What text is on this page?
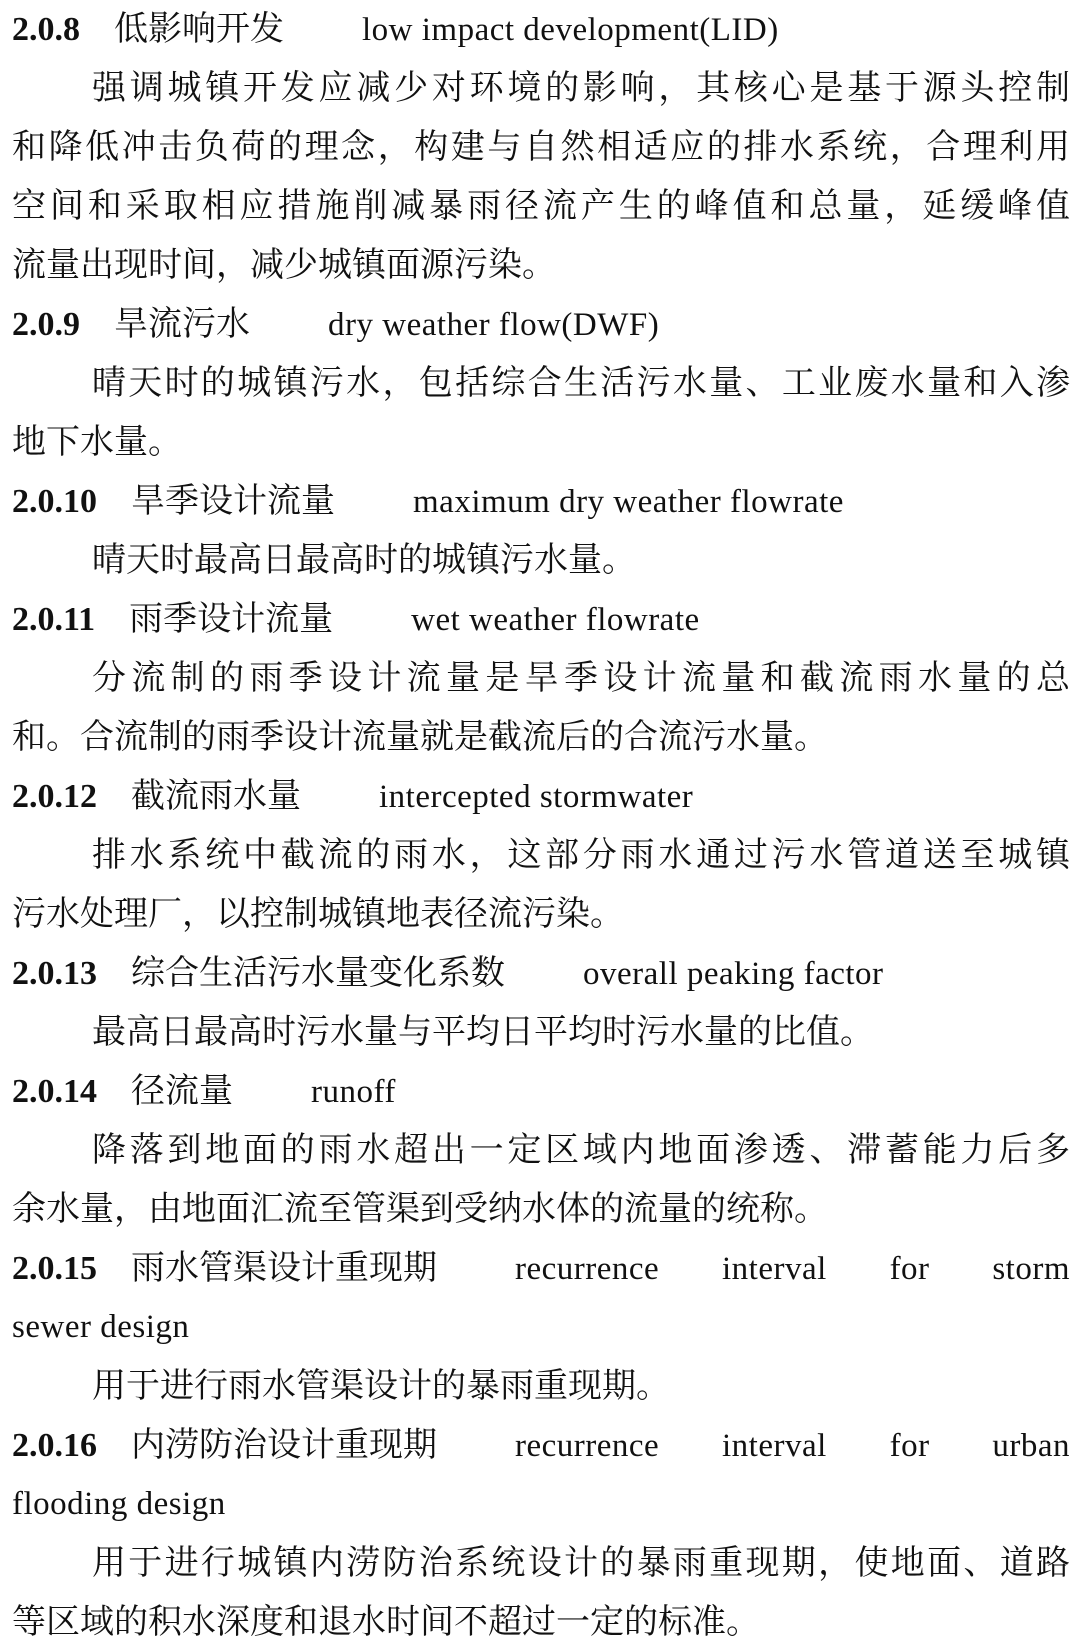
2.0.8 低影响开发 low impact development(LID)
强调城镇开发应减少对环境的影响，其核心是基于源头控制
和降低冲击负荷的理念，构建与自然相适应的排水系统，合理利用
空间和采取相应措施削减暴雨径流产生的峰值和总量，延缓峰值
流量出现时间，减少城镇面源污染。
2.0.9 旱流污水 dry weather flow(DWF)
晴天时的城镇污水，包括综合生活污水量、工业废水量和入渗
地下水量。
2.0.10 旱季设计流量 maximum dry weather flowrate
晴天时最高日最高时的城镇污水量。
2.0.11 雨季设计流量 wet weather flowrate
分流制的雨季设计流量是旱季设计流量和截流雨水量的总
和。合流制的雨季设计流量就是截流后的合流污水量。
2.0.12 截流雨水量 intercepted stormwater
排水系统中截流的雨水，这部分雨水通过污水管道送至城镇
污水处理厂，以控制城镇地表径流污染。
2.0.13 综合生活污水量变化系数 overall peaking factor
最高日最高时污水量与平均日平均时污水量的比值。
2.0.14 径流量 runoff
降落到地面的雨水超出一定区域内地面渗透、滞蓄能力后多
余水量，由地面汇流至管渠到受纳水体的流量的统称。
2.0.15 雨水管渠设计重现期 recurrence interval for storm
sewer design
用于进行雨水管渠设计的暴雨重现期。
2.0.16 内涝防治设计重现期 recurrence interval for urban
flooding design
用于进行城镇内涝防治系统设计的暴雨重现期，使地面、道路
等区域的积水深度和退水时间不超过一定的标准。
